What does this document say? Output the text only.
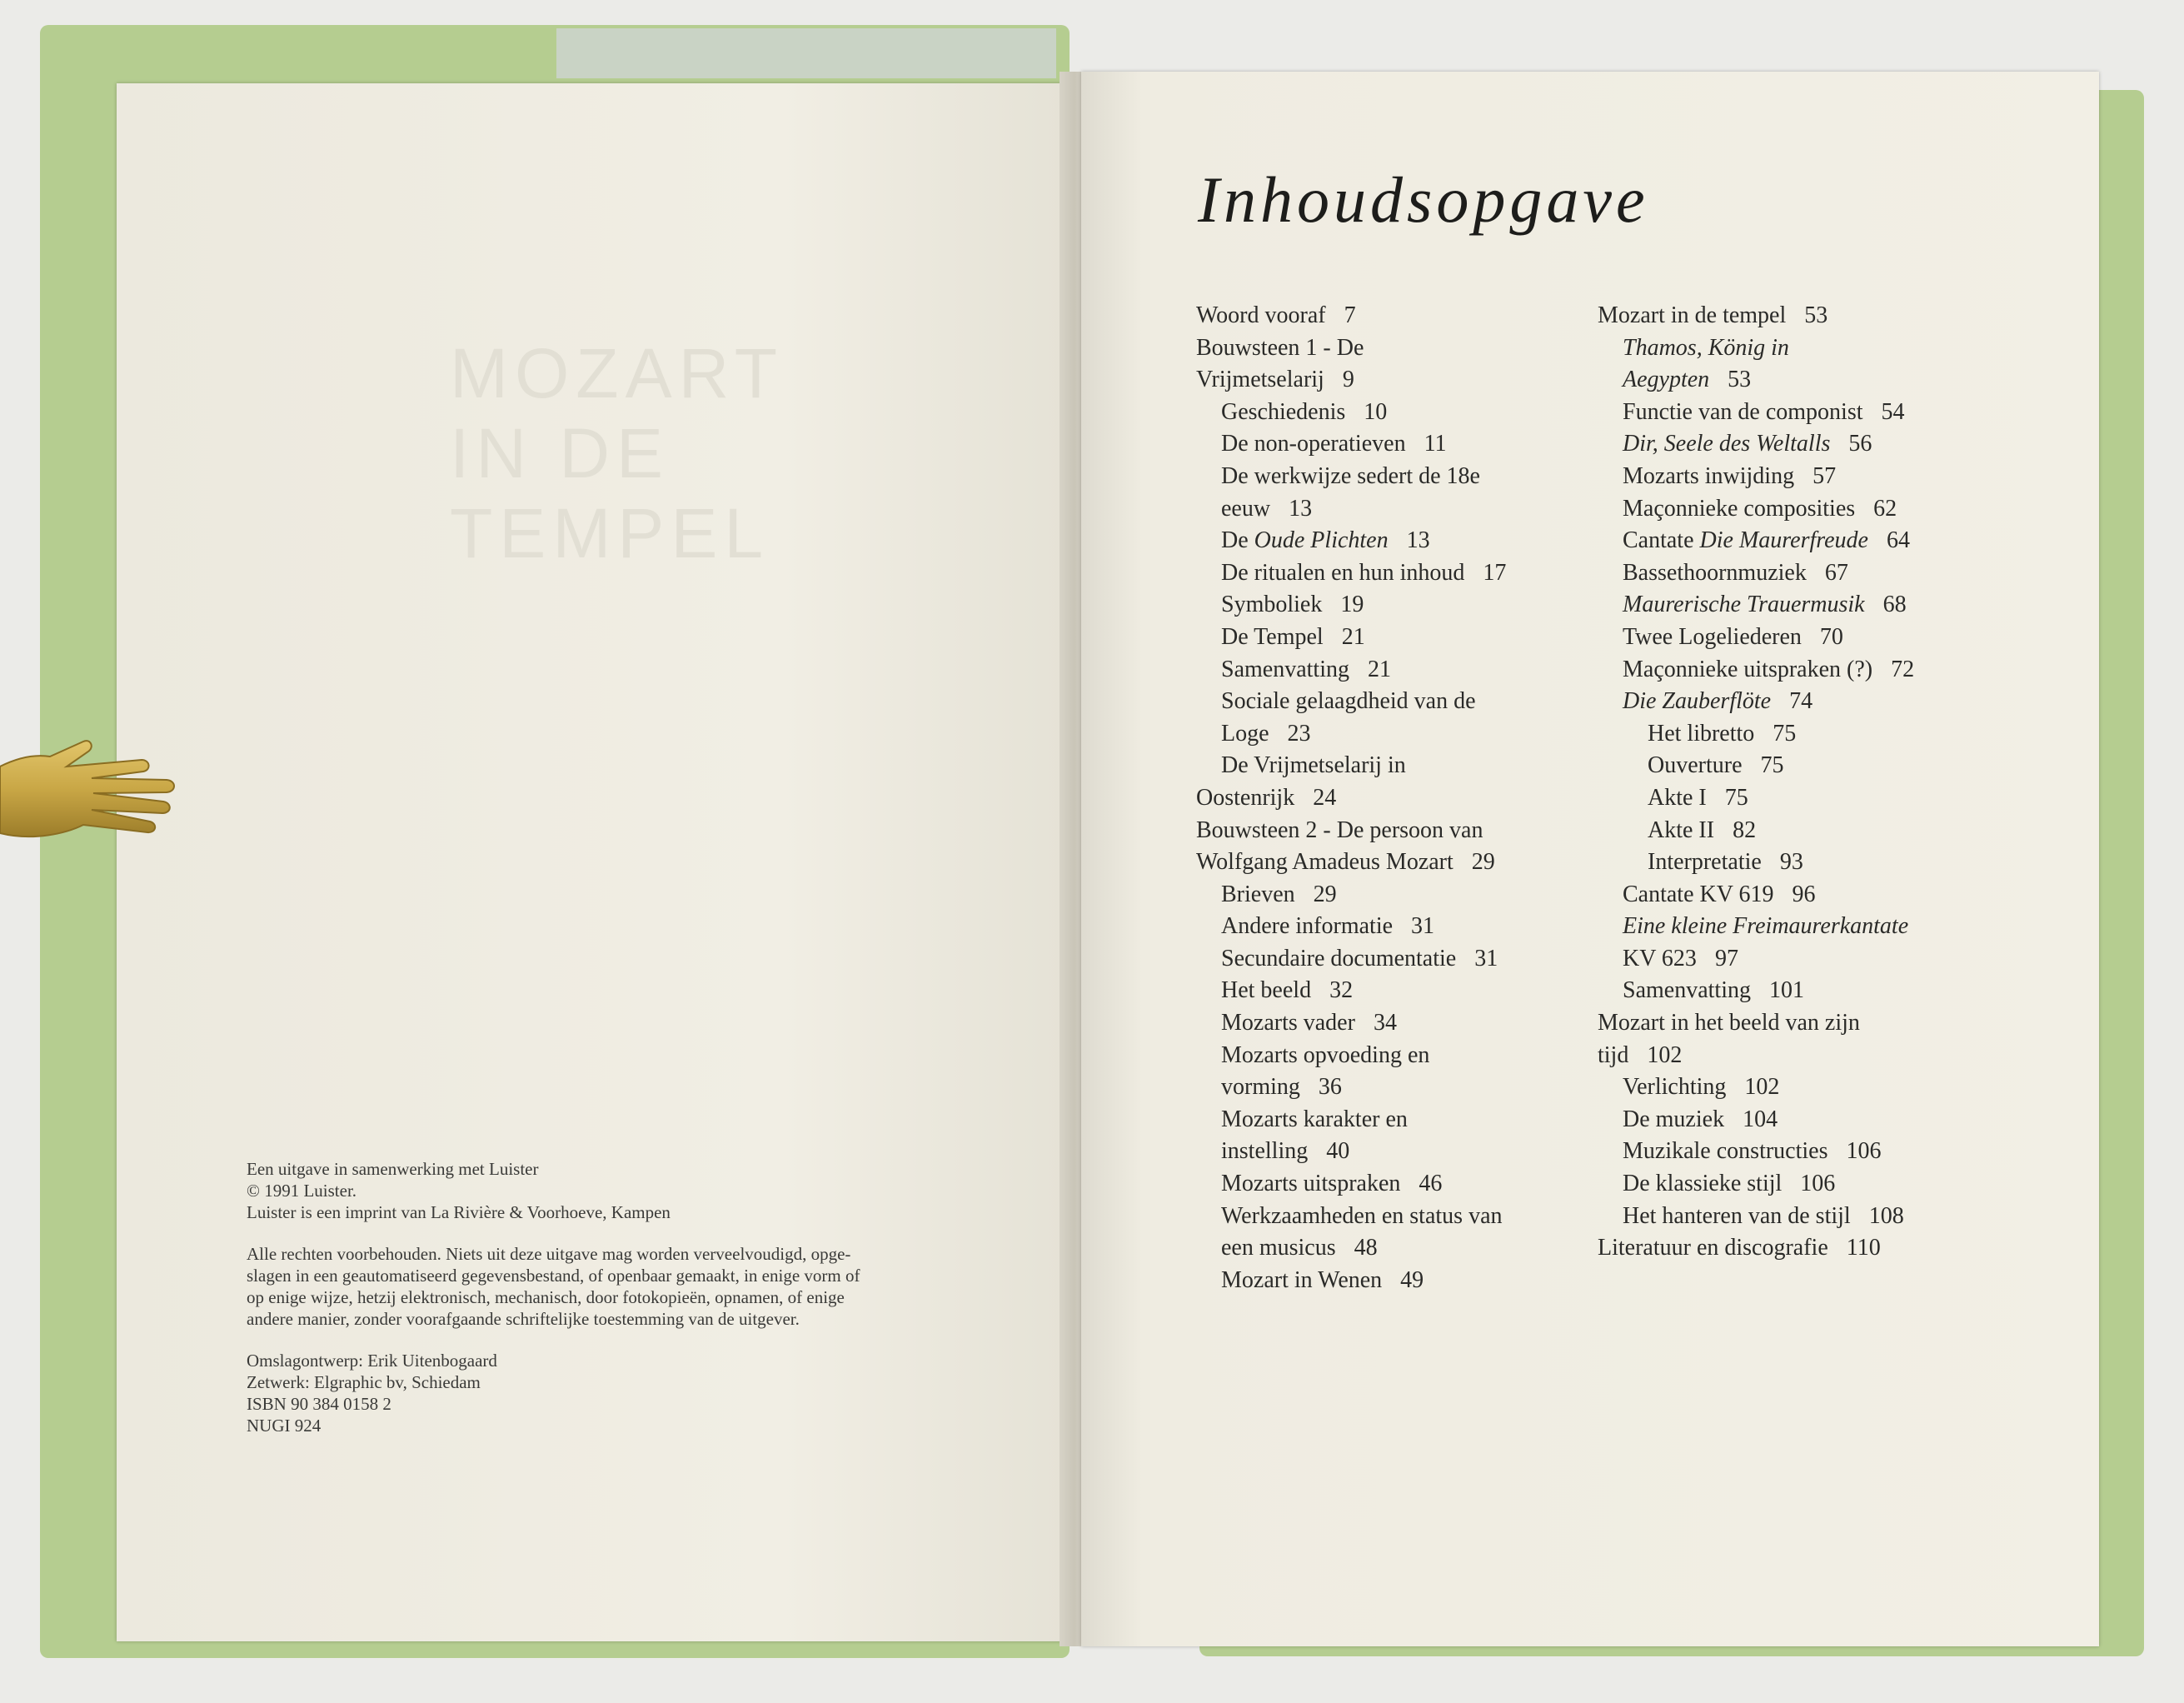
MOZART
IN DE TEMPEL

Een uitgave in samenwerking met Luister
© 1991 Luister.
Luister is een imprint van La Rivière & Voorhoeve, Kampen

Alle rechten voorbehouden. Niets uit deze uitgave mag worden verveelvoudigd, opge-
slagen in een geautomatiseerd gegevensbestand, of openbaar gemaakt, in enige vorm of
op enige wijze, hetzij elektronisch, mechanisch, door fotokopieën, opnamen, of enige
andere manier, zonder voorafgaande schriftelijke toestemming van de uitgever.

Omslagontwerp: Erik Uitenbogaard
Zetwerk: Elgraphic bv, Schiedam
ISBN 90 384 0158 2
NUGI 924

Inhoudsopgave
Woord vooraf 7
Bouwsteen 1 - De
Vrijmetselarij 9
Geschiedenis 10
De non-operatieven 11
De werkwijze sedert de 18e
eeuw 13
De Oude Plichten 13
De ritualen en hun inhoud 17
Symboliek 19
De Tempel 21
Samenvatting 21
Sociale gelaagdheid van de
Loge 23
De Vrijmetselarij in
Oostenrijk 24
Bouwsteen 2 - De persoon van
Wolfgang Amadeus Mozart 29
Brieven 29
Andere informatie 31
Secundaire documentatie 31
Het beeld 32
Mozarts vader 34
Mozarts opvoeding en
vorming 36
Mozarts karakter en
instelling 40
Mozarts uitspraken 46
Werkzaamheden en status van
een musicus 48
Mozart in Wenen 49
Mozart in de tempel 53
Thamos, König in
Aegypten 53
Functie van de componist 54
Dir, Seele des Weltalls 56
Mozarts inwijding 57
Maçonnieke composities 62
Cantate Die Maurerfreude 64
Bassethoornmuziek 67
Maurerische Trauermusik 68
Twee Logeliederen 70
Maçonnieke uitspraken (?) 72
Die Zauberflöte 74
Het libretto 75
Ouverture 75
Akte I 75
Akte II 82
Interpretatie 93
Cantate KV 619 96
Eine kleine Freimaurerkantate
KV 623 97
Samenvatting 101
Mozart in het beeld van zijn
tijd 102
Verlichting 102
De muziek 104
Muzikale constructies 106
De klassieke stijl 106
Het hanteren van de stijl 108
Literatuur en discografie 110
